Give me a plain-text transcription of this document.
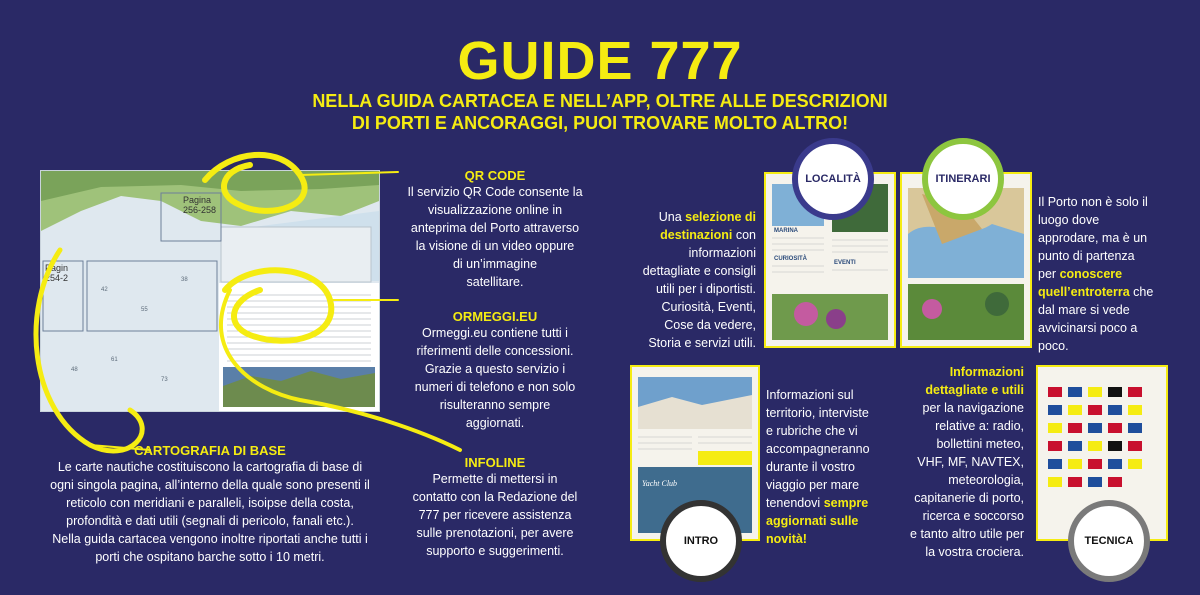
GUIDE 777
NELLA GUIDA CARTACEA E NELL’APP, OLTRE ALLE DESCRIZIONI
DI PORTI E ANCORAGGI, PUOI TROVARE MOLTO ALTRO!
42
55
38
61
73
48
Pagina
256-258
Pagin
254-2
QR CODE
Il servizio QR Code consente la
visualizzazione online in
anteprima del Porto attraverso
la visione di un video oppure
di un’immagine
satellitare.
ORMEGGI.EU
Ormeggi.eu contiene tutti i
riferimenti delle concessioni.
Grazie a questo servizio i
numeri di telefono e non solo
risulteranno sempre
aggiornati.
INFOLINE
Permette di mettersi in
contatto con la Redazione del
777 per ricevere assistenza
sulle prenotazioni, per avere
supporto e suggerimenti.
CARTOGRAFIA DI BASE
Le carte nautiche costituiscono la cartografia di base di
ogni singola pagina, all’interno della quale sono presenti il
reticolo con meridiani e paralleli, isoipse della costa,
profondità e dati utili (segnali di pericolo, fanali etc.).
Nella guida cartacea vengono inoltre riportati anche tutti i
porti che ospitano barche sotto i 10 metri.
MARINA
CURIOSITÀ
EVENTI
LOCALITÀ
Una selezione di
destinazioni con
informazioni
dettagliate e consigli
utili per i diportisti.
Curiosità, Eventi,
Cose da vedere,
Storia e servizi utili.
ITINERARI
Il Porto non è solo il
luogo dove
approdare, ma è un
punto di partenza
per conoscere
quell’entroterra che
dal mare si vede
avvicinarsi poco a
poco.
Yacht Club
INTRO
Informazioni sul
territorio, interviste
e rubriche che vi
accompagneranno
durante il vostro
viaggio per mare
tenendovi sempre
aggiornati sulle
novità!
Informazioni
dettagliate e utili
per la navigazione
relative a: radio,
bollettini meteo,
VHF, MF, NAVTEX,
meteorologia,
capitanerie di porto,
ricerca e soccorso
e tanto altro utile per
la vostra crociera.
TECNICA
